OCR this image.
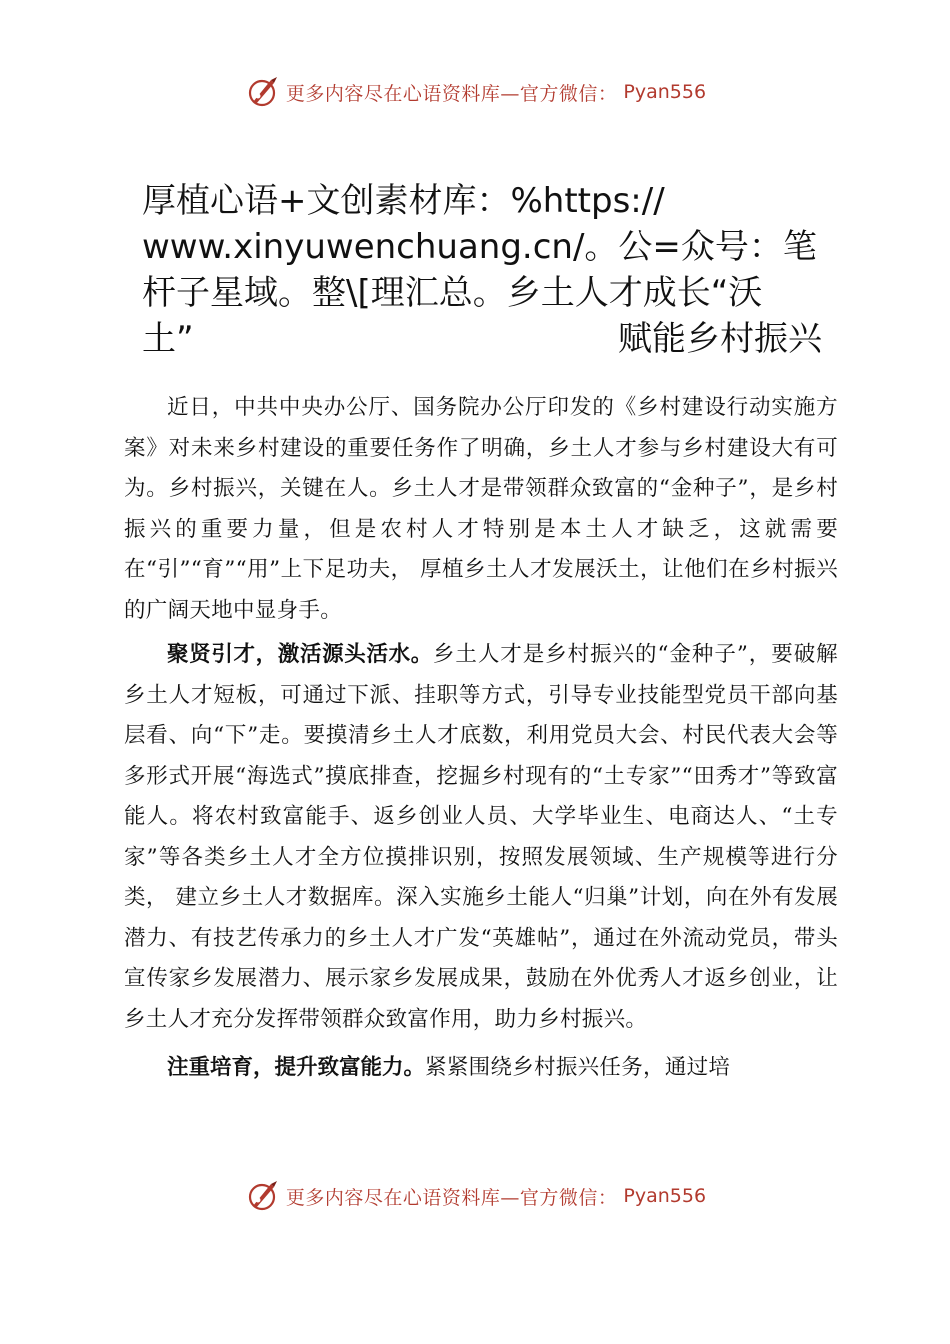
更多内容尽在心语资料库—官方微信： Pyan556
厚植心语+文创素材库：%https://
www.xinyuwenchuang.cn/。公=众号：笔
杆子星域。整\[理汇总。乡土人才成长“沃
土”	赋能乡村振兴

近日，中共中央办公厅、国务院办公厅印发的《乡村建设行动实施方案》对未来乡村建设的重要任务作了明确，乡土人才参与乡村建设大有可为。乡村振兴，关键在人。乡土人才是带领群众致富的“金种子”，是乡村振兴的重要力量，但是农村人才特别是本土人才缺乏，这就需要在“引”“育”“用”上下足功夫， 厚植乡土人才发展沃土，让他们在乡村振兴的广阔天地中显身手。

聚贤引才，激活源头活水。乡土人才是乡村振兴的“金种子”，要破解乡土人才短板，可通过下派、挂职等方式，引导专业技能型党员干部向基层看、向“下”走。要摸清乡土人才底数，利用党员大会、村民代表大会等多形式开展“海选式”摸底排查，挖掘乡村现有的“土专家”“田秀才”等致富能人。将农村致富能手、返乡创业人员、大学毕业生、电商达人、“土专家”等各类乡土人才全方位摸排识别，按照发展领域、生产规模等进行分类， 建立乡土人才数据库。深入实施乡土能人“归巢”计划，向在外有发展潜力、有技艺传承力的乡土人才广发“英雄帖”，通过在外流动党员，带头宣传家乡发展潜力、展示家乡发展成果，鼓励在外优秀人才返乡创业，让乡土人才充分发挥带领群众致富作用，助力乡村振兴。

注重培育，提升致富能力。紧紧围绕乡村振兴任务，通过培

更多内容尽在心语资料库—官方微信： Pyan556
